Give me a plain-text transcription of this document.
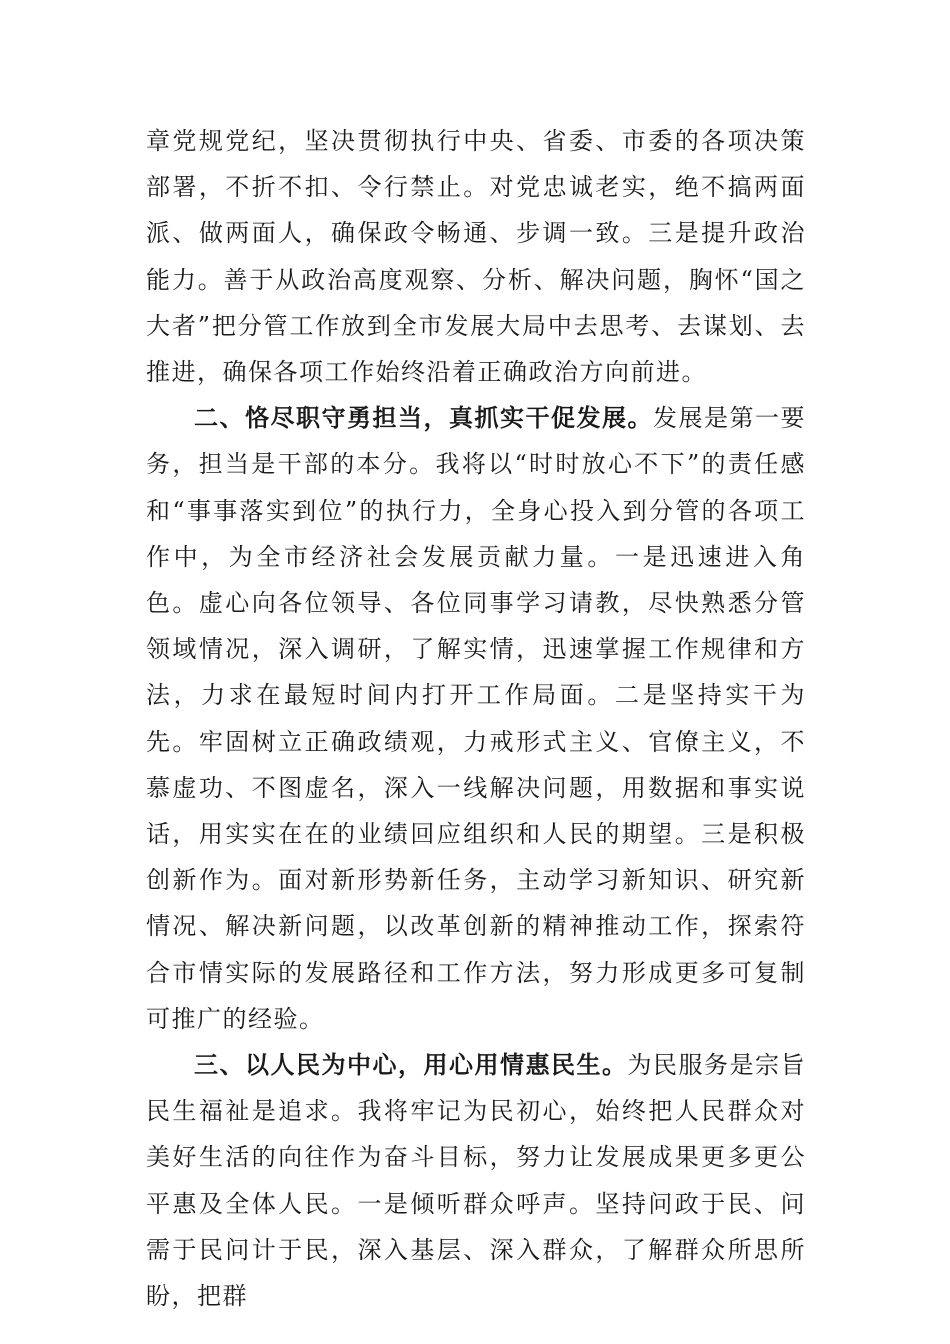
章党规党纪，坚决贯彻执行中央、省委、市委的各项决策部署，不折不扣、令行禁止。对党忠诚老实，绝不搞两面派、做两面人，确保政令畅通、步调一致。三是提升政治能力。善于从政治高度观察、分析、解决问题，胸怀“国之大者”把分管工作放到全市发展大局中去思考、去谋划、去推进，确保各项工作始终沿着正确政治方向前进。

二、恪尽职守勇担当，真抓实干促发展。发展是第一要务，担当是干部的本分。我将以“时时放心不下”的责任感和“事事落实到位”的执行力，全身心投入到分管的各项工作中，为全市经济社会发展贡献力量。一是迅速进入角色。虚心向各位领导、各位同事学习请教，尽快熟悉分管领域情况，深入调研，了解实情，迅速掌握工作规律和方法，力求在最短时间内打开工作局面。二是坚持实干为先。牢固树立正确政绩观，力戒形式主义、官僚主义，不慕虚功、不图虚名，深入一线解决问题，用数据和事实说话，用实实在在的业绩回应组织和人民的期望。三是积极创新作为。面对新形势新任务，主动学习新知识、研究新情况、解决新问题，以改革创新的精神推动工作，探索符合市情实际的发展路径和工作方法，努力形成更多可复制可推广的经验。

三、以人民为中心，用心用情惠民生。为民服务是宗旨民生福祉是追求。我将牢记为民初心，始终把人民群众对美好生活的向往作为奋斗目标，努力让发展成果更多更公平惠及全体人民。一是倾听群众呼声。坚持问政于民、问需于民问计于民，深入基层、深入群众，了解群众所思所盼，把群
